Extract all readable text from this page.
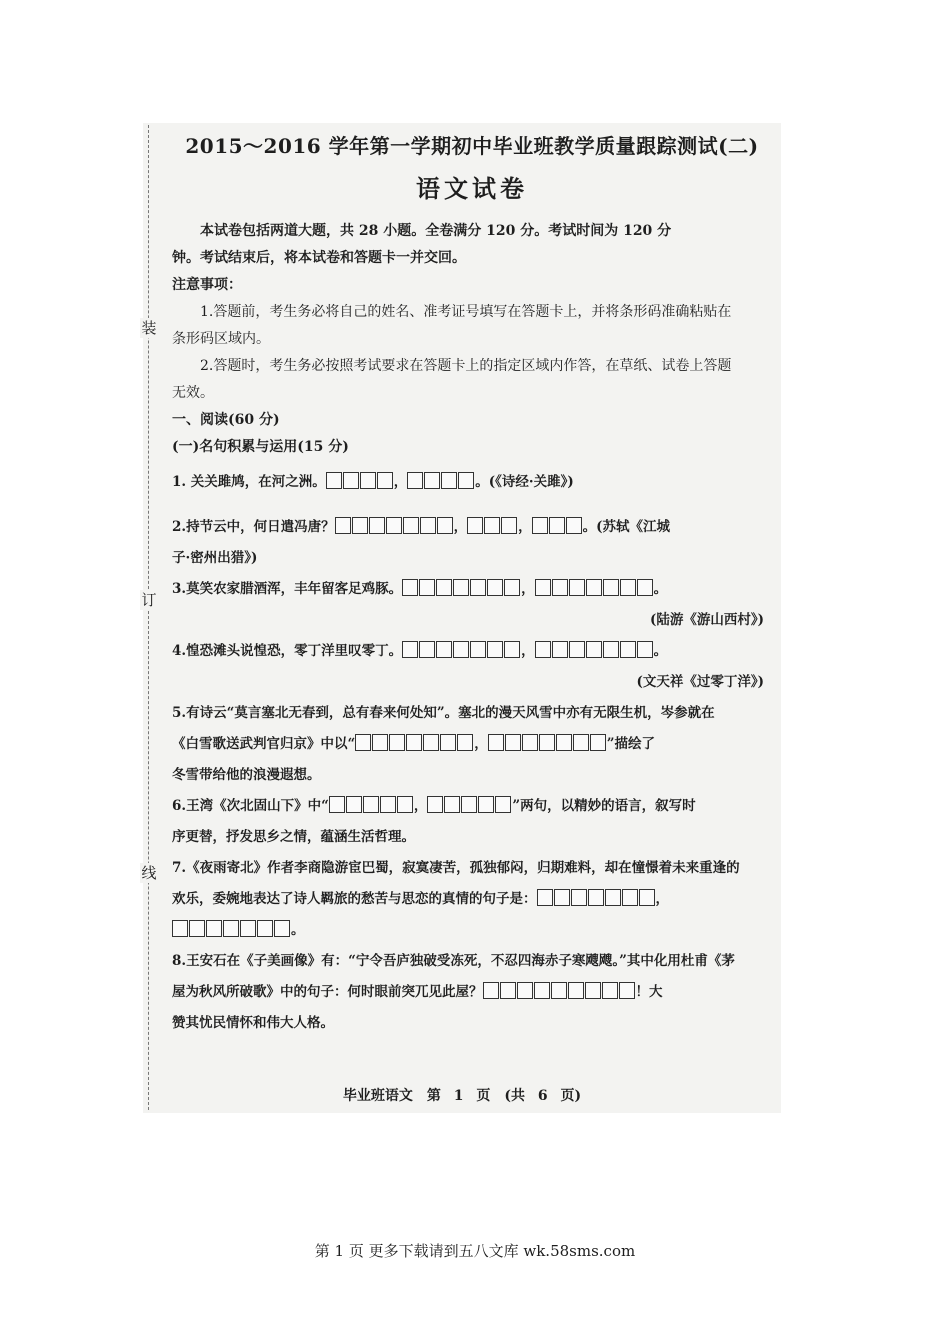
装
订
线
2015～2016 学年第一学期初中毕业班教学质量跟踪测试(二)
语文试卷

本试卷包括两道大题，共 28 小题。全卷满分 120 分。考试时间为 120 分

钟。考试结束后，将本试卷和答题卡一并交回。

注意事项：

1.答题前，考生务必将自己的姓名、准考证号填写在答题卡上，并将条形码准确粘贴在

条形码区域内。

2.答题时，考生务必按照考试要求在答题卡上的指定区域内作答，在草纸、试卷上答题

无效。

一、阅读(60 分)

(一)名句积累与运用(15 分)

1. 关关雎鸠，在河之洲。	，	。(《诗经·关雎》)

2.持节云中，何日遣冯唐？	，	，	。(苏轼《江城

子·密州出猎》)

3.莫笑农家腊酒浑，丰年留客足鸡豚。	，	。

(陆游《游山西村》)

4.惶恐滩头说惶恐，零丁洋里叹零丁。	，	。

(文天祥《过零丁洋》)

5.有诗云“莫言塞北无春到，总有春来何处知”。塞北的漫天风雪中亦有无限生机，岑参就在

《白雪歌送武判官归京》中以“	，	”描绘了

冬雪带给他的浪漫遐想。

6.王湾《次北固山下》中“	，	”两句，以精妙的语言，叙写时

序更替，抒发思乡之情，蕴涵生活哲理。

7.《夜雨寄北》作者李商隐游宦巴蜀，寂寞凄苦，孤独郁闷，归期难料，却在憧憬着未来重逢的

欢乐，委婉地表达了诗人羁旅的愁苦与思恋的真情的句子是：	，

。

8.王安石在《子美画像》有：“宁令吾庐独破受冻死，不忍四海赤子寒飕飕。”其中化用杜甫《茅

屋为秋风所破歌》中的句子：何时眼前突兀见此屋？	！大

赞其忧民情怀和伟大人格。

毕业班语文　第 1 页　(共 6 页)
第 1 页 更多下载请到五八文库 wk.58sms.com
